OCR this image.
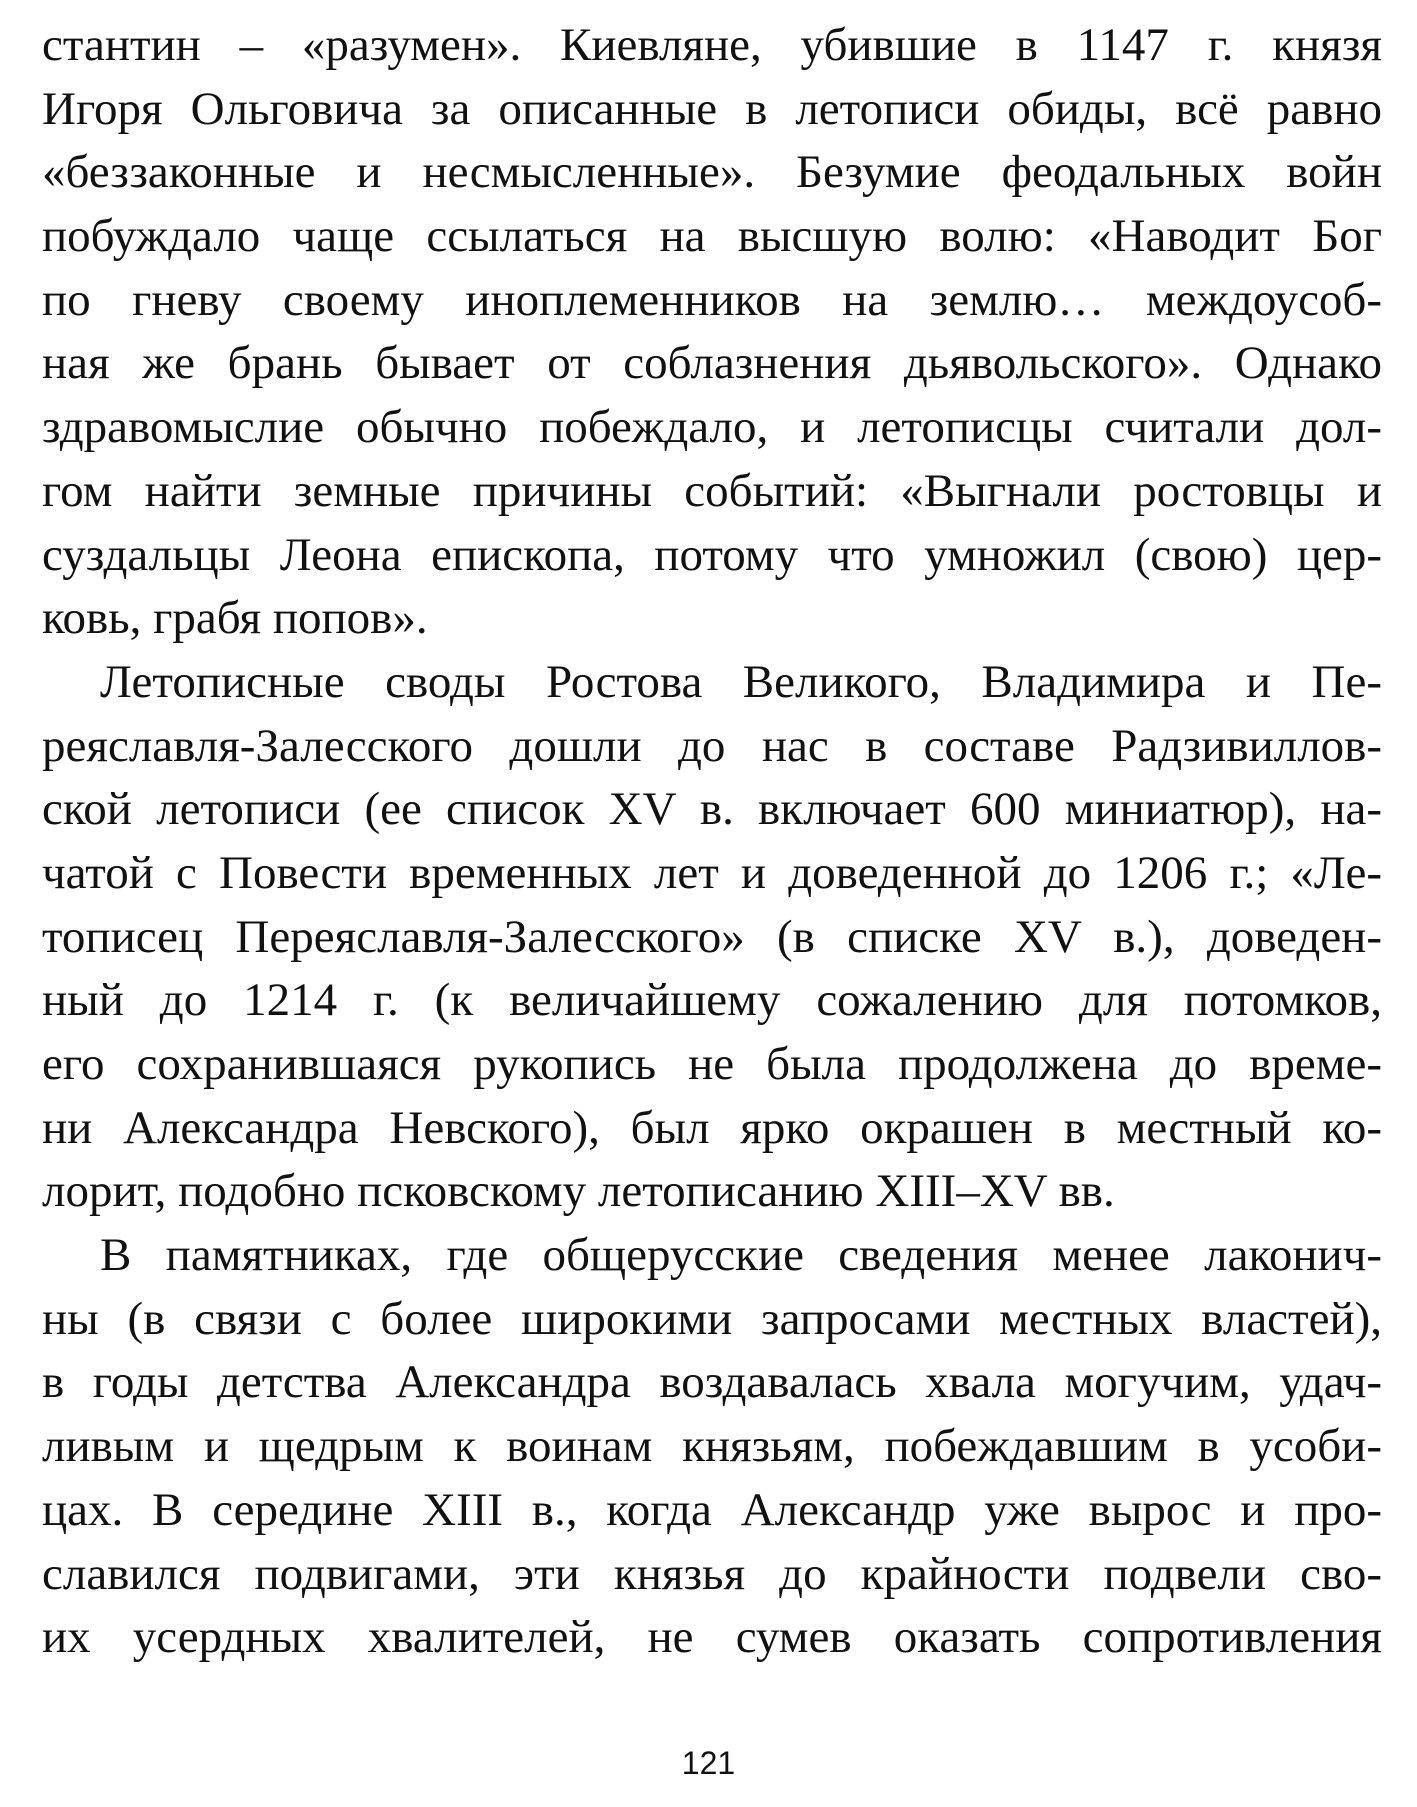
стантин – «разумен». Киевляне, убившие в 1147 г. князя
Игоря Ольговича за описанные в летописи обиды, всё равно
«беззаконные и несмысленные». Безумие феодальных войн
побуждало чаще ссылаться на высшую волю: «Наводит Бог
по гневу своему иноплеменников на землю… междоусоб-
ная же брань бывает от соблазнения дьявольского». Однако
здравомыслие обычно побеждало, и летописцы считали дол-
гом найти земные причины событий: «Выгнали ростовцы и
суздальцы Леона епископа, потому что умножил (свою) цер-
ковь, грабя попов».
Летописные своды Ростова Великого, Владимира и Пе-
реяславля-Залесского дошли до нас в составе Радзивиллов-
ской летописи (ее список XV в. включает 600 миниатюр), на-
чатой с Повести временных лет и доведенной до 1206 г.; «Ле-
тописец Переяславля-Залесского» (в списке XV в.), доведен-
ный до 1214 г. (к величайшему сожалению для потомков,
его сохранившаяся рукопись не была продолжена до време-
ни Александра Невского), был ярко окрашен в местный ко-
лорит, подобно псковскому летописанию XIII–XV вв.
В памятниках, где общерусские сведения менее лаконич-
ны (в связи с более широкими запросами местных властей),
в годы детства Александра воздавалась хвала могучим, удач-
ливым и щедрым к воинам князьям, побеждавшим в усоби-
цах. В середине XIII в., когда Александр уже вырос и про-
славился подвигами, эти князья до крайности подвели сво-
их усердных хвалителей, не сумев оказать сопротивления
121
